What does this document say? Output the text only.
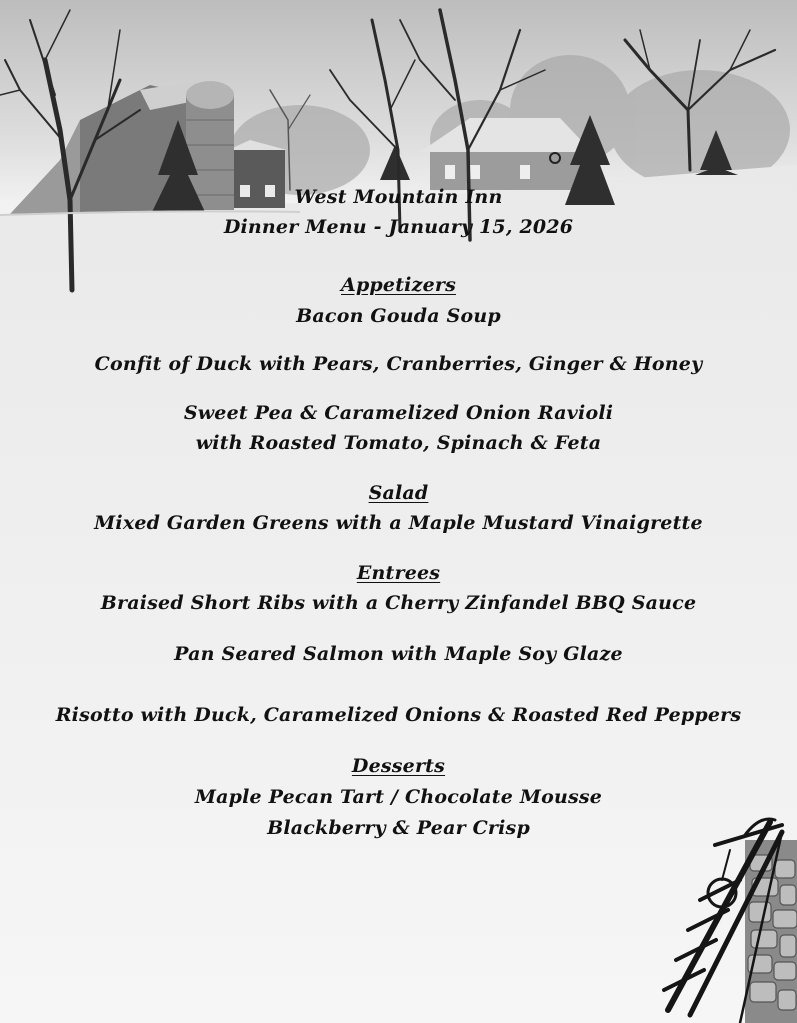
West Mountain Inn
Dinner Menu - January 15, 2026
Appetizers
Bacon Gouda Soup
Confit of Duck with Pears, Cranberries, Ginger & Honey
Sweet Pea & Caramelized Onion Ravioli
with Roasted Tomato, Spinach & Feta
Salad
Mixed Garden Greens with a Maple Mustard Vinaigrette
Entrees
Braised Short Ribs with a Cherry Zinfandel BBQ Sauce
Pan Seared Salmon with Maple Soy Glaze
Risotto with Duck, Caramelized Onions & Roasted Red Peppers
Desserts
Maple Pecan Tart / Chocolate Mousse
Blackberry & Pear Crisp
